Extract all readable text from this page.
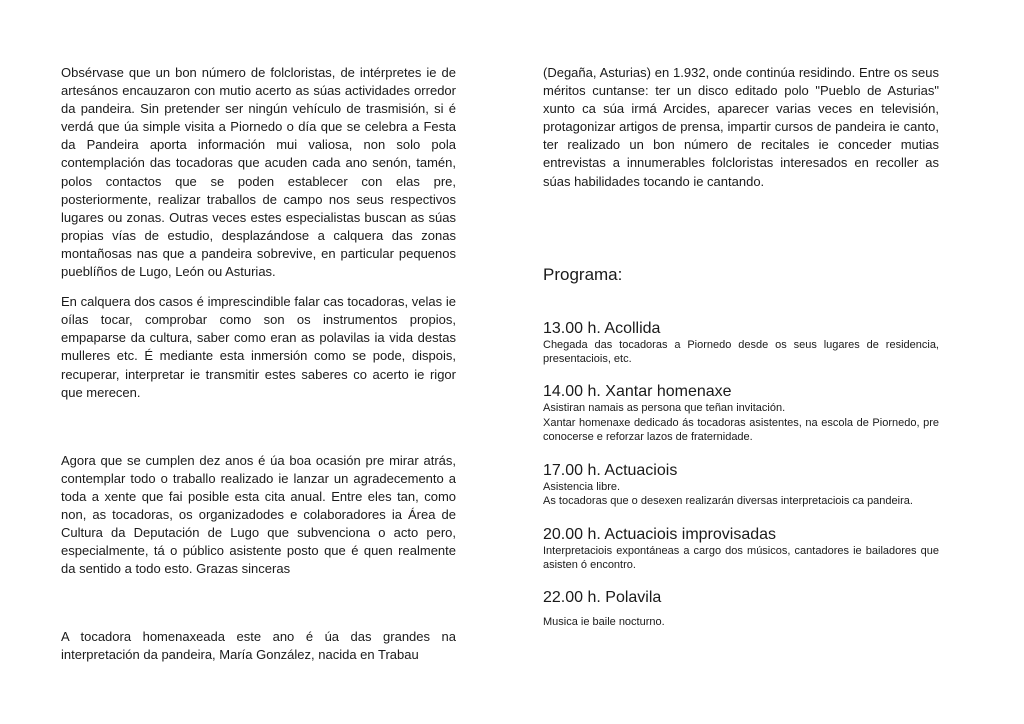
Obsérvase que un bon número de folcloristas, de intérpretes ie de artesános encauzaron con mutio acerto as súas actividades orredor da pandeira. Sin pretender ser ningún vehículo de trasmisión, si é verdá que úa simple visita a Piornedo o día que se celebra a Festa da Pandeira aporta información mui valiosa, non solo pola contemplación das tocadoras que acuden cada ano senón, tamén, polos contactos que se poden establecer con elas pre, posteriormente, realizar traballos de campo nos seus respectivos lugares ou zonas. Outras veces estes especialistas buscan as súas propias vías de estudio, desplazándose a calquera das zonas montañosas nas que a pandeira sobrevive, en particular pequenos pueblíños de Lugo, León ou Asturias.

En calquera dos casos é imprescindible falar cas tocadoras, velas ie oílas tocar, comprobar como son os instrumentos propios, empaparse da cultura, saber como eran as polavilas ia vida destas mulleres etc. É mediante esta inmersión como se pode, dispois, recuperar, interpretar ie transmitir estes saberes co acerto ie rigor que merecen.

Agora que se cumplen dez anos é úa boa ocasión pre mirar atrás, contemplar todo o traballo realizado ie lanzar un agradecemento a toda a xente que fai posible esta cita anual. Entre eles tan, como non, as tocadoras, os organizadodes e colaboradores ia Área de Cultura da Deputación de Lugo que subvenciona o acto pero, especialmente, tá o público asistente posto que é quen realmente da sentido a todo esto. Grazas sinceras

A tocadora homenaxeada este ano é úa das grandes na interpretación da pandeira, María González, nacida en Trabau

(Degaña, Asturias) en 1.932, onde continúa residindo. Entre os seus méritos cuntanse: ter un disco editado polo "Pueblo de Asturias" xunto ca súa irmá Arcides, aparecer varias veces en televisión, protagonizar artigos de prensa, impartir cursos de pandeira ie canto, ter realizado un bon número de recitales ie conceder mutias entrevistas a innumerables folcloristas interesados en recoller as súas habilidades tocando ie cantando.

Programa:
13.00 h. Acollida
Chegada das tocadoras a Piornedo desde os seus lugares de residencia, presentaciois, etc.
14.00 h. Xantar homenaxe
Asistiran namais as persona que teñan invitación.
Xantar homenaxe dedicado ás tocadoras asistentes, na escola de Piornedo, pre conocerse e reforzar lazos de fraternidade.
17.00 h. Actuaciois
Asistencia libre.
As tocadoras que o desexen realizarán diversas interpretaciois ca pandeira.
20.00 h. Actuaciois improvisadas
Interpretaciois expontáneas a cargo dos músicos, cantadores ie bailadores que asisten ó encontro.
22.00 h. Polavila
Musica ie baile nocturno.
